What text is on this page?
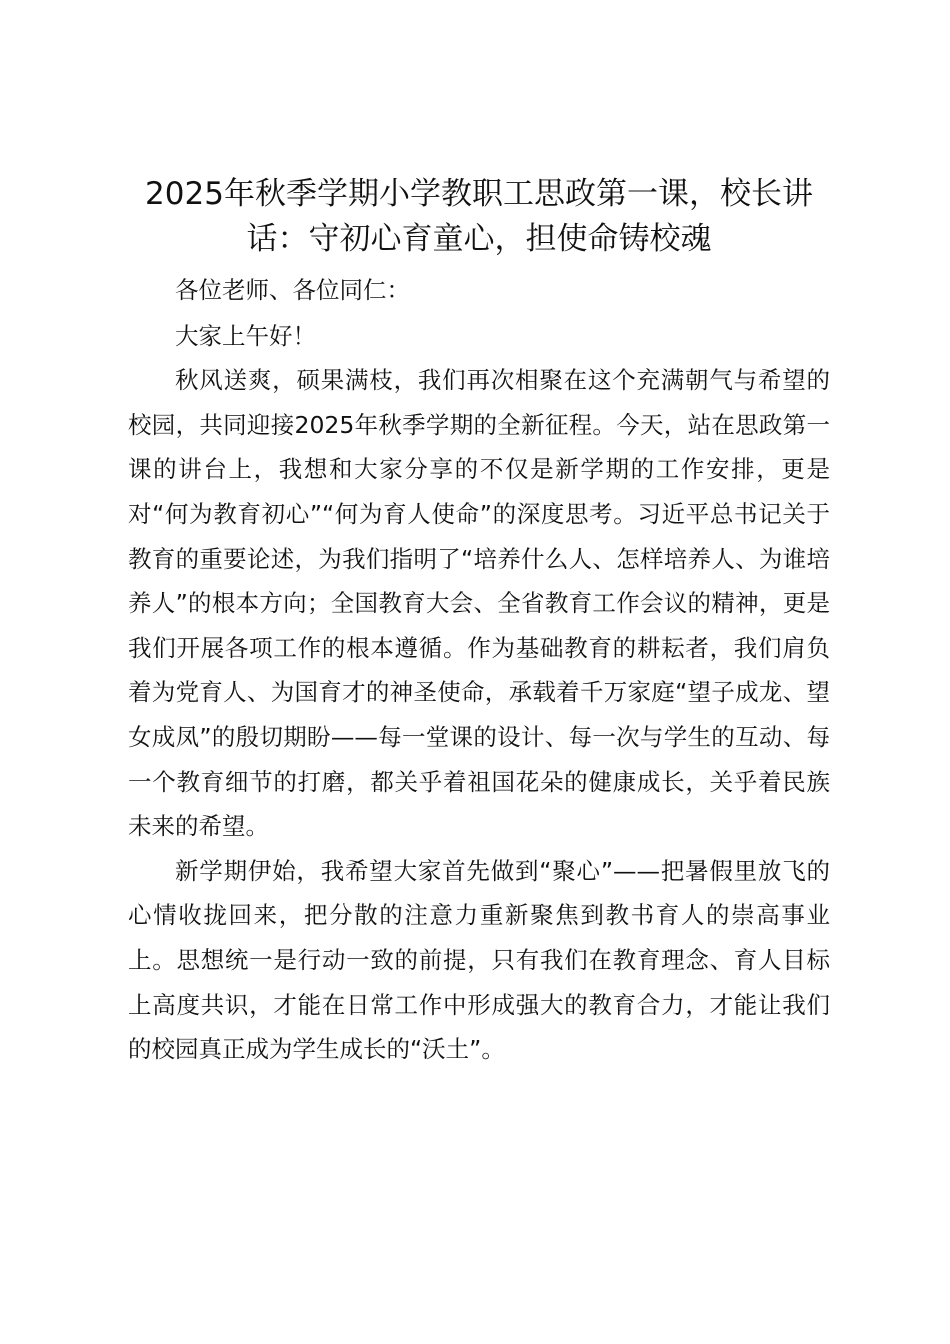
2025年秋季学期小学教职工思政第一课，校长讲话：守初心育童心，担使命铸校魂

各位老师、各位同仁：

大家上午好！

秋风送爽，硕果满枝，我们再次相聚在这个充满朝气与希望的校园，共同迎接2025年秋季学期的全新征程。今天，站在思政第一课的讲台上，我想和大家分享的不仅是新学期的工作安排，更是对“何为教育初心”“何为育人使命”的深度思考。习近平总书记关于教育的重要论述，为我们指明了“培养什么人、怎样培养人、为谁培养人”的根本方向；全国教育大会、全省教育工作会议的精神，更是我们开展各项工作的根本遵循。作为基础教育的耕耘者，我们肩负着为党育人、为国育才的神圣使命，承载着千万家庭“望子成龙、望女成凤”的殷切期盼——每一堂课的设计、每一次与学生的互动、每一个教育细节的打磨，都关乎着祖国花朵的健康成长，关乎着民族未来的希望。

新学期伊始，我希望大家首先做到“聚心”——把暑假里放飞的心情收拢回来，把分散的注意力重新聚焦到教书育人的崇高事业上。思想统一是行动一致的前提，只有我们在教育理念、育人目标上高度共识，才能在日常工作中形成强大的教育合力，才能让我们的校园真正成为学生成长的“沃土”。
